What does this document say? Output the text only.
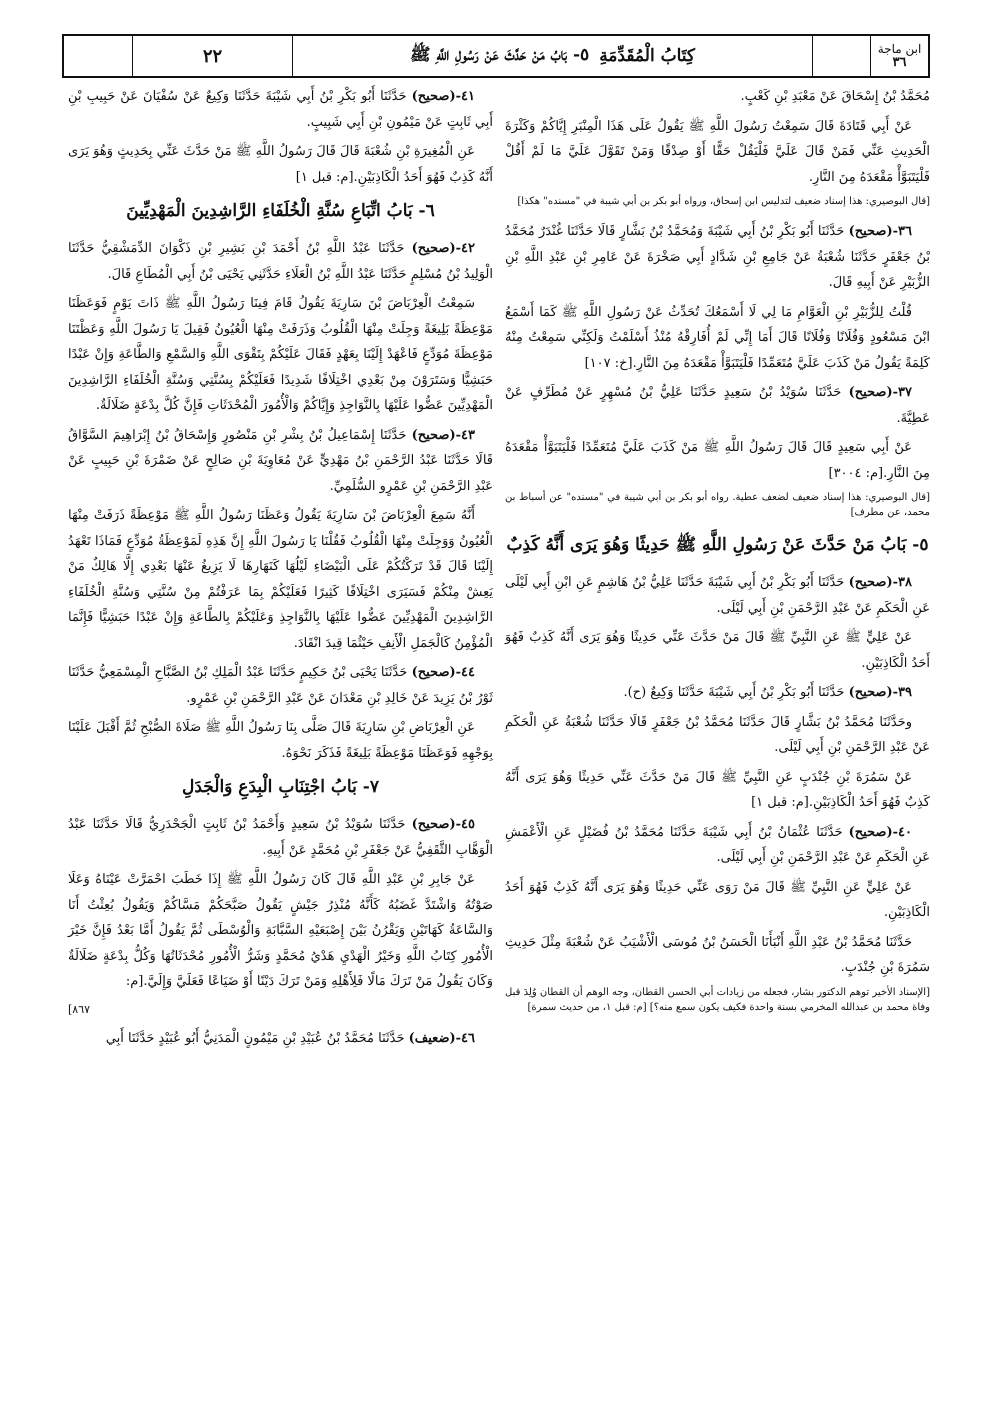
ابن ماجة
٣٦
كِتَابُ الْمُقَدِّمَةِ
٥- بَابُ مَنْ حَدَّثَ عَنْ رَسُولِ اللَّهِ ﷺ
٢٢

مُحَمَّدُ بْنُ إِسْحَاقَ عَنْ مَعْبَدِ بْنِ كَعْبٍ.

عَنْ أَبِي قَتَادَةَ قَالَ سَمِعْتُ رَسُولَ اللَّهِ ﷺ يَقُولُ عَلَى هَذَا الْمِنْبَرِ إِيَّاكُمْ وَكَثْرَةَ الْحَدِيثِ عَنِّي فَمَنْ قَالَ عَلَيَّ فَلْيَقُلْ حَقًّا أَوْ صِدْقًا وَمَنْ تَقَوَّلَ عَلَيَّ مَا لَمْ أَقُلْ فَلْيَتَبَوَّأْ مَقْعَدَهُ مِنَ النَّارِ.

[قال البوصيري: هذا إسناد ضعيف لتدليس ابن إسحاق، ورواه أبو بكر بن أبي شيبة في "مسنده" هكذا]

٣٦-(صحيح) حَدَّثَنَا أَبُو بَكْرِ بْنُ أَبِي شَيْبَةَ وَمُحَمَّدُ بْنُ بَشَّارٍ قَالَا حَدَّثَنَا غُنْدَرٌ مُحَمَّدُ بْنُ جَعْفَرٍ حَدَّثَنَا شُعْبَةُ عَنْ جَامِعِ بْنِ شَدَّادٍ أَبِي صَخْرَةَ عَنْ عَامِرِ بْنِ عَبْدِ اللَّهِ بْنِ الزُّبَيْرِ عَنْ أَبِيهِ قَالَ.

قُلْتُ لِلزُّبَيْرِ بْنِ الْعَوَّامِ مَا لِي لَا أَسْمَعُكَ تُحَدِّثُ عَنْ رَسُولِ اللَّهِ ﷺ كَمَا أَسْمَعُ ابْنَ مَسْعُودٍ وَفُلَانًا وَفُلَانًا قَالَ أَمَا إِنِّي لَمْ أُفَارِقْهُ مُنْذُ أَسْلَمْتُ وَلَكِنِّي سَمِعْتُ مِنْهُ كَلِمَةً يَقُولُ مَنْ كَذَبَ عَلَيَّ مُتَعَمِّدًا فَلْيَتَبَوَّأْ مَقْعَدَهُ مِنَ النَّارِ.[خ: ١٠٧]

٣٧-(صحيح) حَدَّثَنَا سُوَيْدُ بْنُ سَعِيدٍ حَدَّثَنَا عَلِيُّ بْنُ مُسْهِرٍ عَنْ مُطَرِّفٍ عَنْ عَطِيَّةَ.

عَنْ أَبِي سَعِيدٍ قَالَ قَالَ رَسُولُ اللَّهِ ﷺ مَنْ كَذَبَ عَلَيَّ مُتَعَمِّدًا فَلْيَتَبَوَّأْ مَقْعَدَهُ مِنَ النَّارِ.[م: ٣٠٠٤]

[قال البوصيري: هذا إسناد ضعيف لضعف عطية. رواه أبو بكر بن أبي شيبة في "مسنده" عن أسباط بن محمد، عن مطرف]

٥- بَابُ مَنْ حَدَّثَ عَنْ رَسُولِ اللَّهِ ﷺ حَدِيثًا وَهُوَ يَرَى أَنَّهُ كَذِبٌ

٣٨-(صحيح) حَدَّثَنَا أَبُو بَكْرِ بْنُ أَبِي شَيْبَةَ حَدَّثَنَا عَلِيُّ بْنُ هَاشِمٍ عَنِ ابْنِ أَبِي لَيْلَى عَنِ الْحَكَمِ عَنْ عَبْدِ الرَّحْمَنِ بْنِ أَبِي لَيْلَى.

عَنْ عَلِيٍّ ﷺ عَنِ النَّبِيِّ ﷺ قَالَ مَنْ حَدَّثَ عَنِّي حَدِيثًا وَهُوَ يَرَى أَنَّهُ كَذِبٌ فَهُوَ أَحَدُ الْكَاذِبَيْنِ.

٣٩-(صحيح) حَدَّثَنَا أَبُو بَكْرِ بْنُ أَبِي شَيْبَةَ حَدَّثَنَا وَكِيعٌ (ح).

وحَدَّثَنَا مُحَمَّدُ بْنُ بَشَّارٍ قَالَ حَدَّثَنَا مُحَمَّدُ بْنُ جَعْفَرٍ قَالَا حَدَّثَنَا شُعْبَةُ عَنِ الْحَكَمِ عَنْ عَبْدِ الرَّحْمَنِ بْنِ أَبِي لَيْلَى.

عَنْ سَمُرَةَ بْنِ جُنْدَبٍ عَنِ النَّبِيِّ ﷺ قَالَ مَنْ حَدَّثَ عَنِّي حَدِيثًا وَهُوَ يَرَى أَنَّهُ كَذِبٌ فَهُوَ أَحَدُ الْكَاذِبَيْنِ.[م: قبل ١]

٤٠-(صحيح) حَدَّثَنَا عُثْمَانُ بْنُ أَبِي شَيْبَةَ حَدَّثَنَا مُحَمَّدُ بْنُ فُضَيْلٍ عَنِ الْأَعْمَشِ عَنِ الْحَكَمِ عَنْ عَبْدِ الرَّحْمَنِ بْنِ أَبِي لَيْلَى.

عَنْ عَلِيٍّ عَنِ النَّبِيِّ ﷺ قَالَ مَنْ رَوَى عَنِّي حَدِيثًا وَهُوَ يَرَى أَنَّهُ كَذِبٌ فَهُوَ أَحَدُ الْكَاذِبَيْنِ.

حَدَّثَنَا مُحَمَّدُ بْنُ عَبْدِ اللَّهِ أَنْبَأَنَا الْحَسَنُ بْنُ مُوسَى الْأَشْيَبُ عَنْ شُعْبَةَ مِثْلَ حَدِيثِ سَمُرَةَ بْنِ جُنْدَبٍ.

[الإسناد الأخير توهم الدكتور بشار، فجعله من زيادات أبي الحسن القطان، وجه الوهم أن القطان وُلِدَ قبل وفاة محمد بن عبدالله المخرمي بسنة واحدة فكيف يكون سمع منه؟] [م: قبل ١، من حديث سمرة]

٤١-(صحيح) حَدَّثَنَا أَبُو بَكْرِ بْنُ أَبِي شَيْبَةَ حَدَّثَنَا وَكِيعٌ عَنْ سُفْيَانَ عَنْ حَبِيبِ بْنِ أَبِي ثَابِتٍ عَنْ مَيْمُونِ بْنِ أَبِي شَبِيبٍ.

عَنِ الْمُغِيرَةِ بْنِ شُعْبَةَ قَالَ قَالَ رَسُولُ اللَّهِ ﷺ مَنْ حَدَّثَ عَنِّي بِحَدِيثٍ وَهُوَ يَرَى أَنَّهُ كَذِبٌ فَهُوَ أَحَدُ الْكَاذِبَيْنِ.[م: قبل ١]

٦- بَابُ اتِّبَاعِ سُنَّةِ الْخُلَفَاءِ الرَّاشِدِينَ الْمَهْدِيِّينَ

٤٢-(صحيح) حَدَّثَنَا عَبْدُ اللَّهِ بْنُ أَحْمَدَ بْنِ بَشِيرِ بْنِ ذَكْوَانَ الدِّمَشْقِيُّ حَدَّثَنَا الْوَلِيدُ بْنُ مُسْلِمٍ حَدَّثَنَا عَبْدُ اللَّهِ بْنُ الْعَلَاءِ حَدَّثَنِي يَحْيَى بْنُ أَبِي الْمُطَاعِ قَالَ.

سَمِعْتُ الْعِرْبَاضَ بْنَ سَارِيَةَ يَقُولُ قَامَ فِينَا رَسُولُ اللَّهِ ﷺ ذَاتَ يَوْمٍ فَوَعَظَنَا مَوْعِظَةً بَلِيغَةً وَجِلَتْ مِنْهَا الْقُلُوبُ وَذَرَفَتْ مِنْهَا الْعُيُونُ فَقِيلَ يَا رَسُولَ اللَّهِ وَعَظْتَنَا مَوْعِظَةَ مُوَدِّعٍ فَاعْهَدْ إِلَيْنَا بِعَهْدٍ فَقَالَ عَلَيْكُمْ بِتَقْوَى اللَّهِ وَالسَّمْعِ وَالطَّاعَةِ وَإِنْ عَبْدًا حَبَشِيًّا وَسَتَرَوْنَ مِنْ بَعْدِي اخْتِلَافًا شَدِيدًا فَعَلَيْكُمْ بِسُنَّتِي وَسُنَّةِ الْخُلَفَاءِ الرَّاشِدِينَ الْمَهْدِيِّينَ عَضُّوا عَلَيْهَا بِالنَّوَاجِذِ وَإِيَّاكُمْ وَالْأُمُورَ الْمُحْدَثَاتِ فَإِنَّ كُلَّ بِدْعَةٍ ضَلَالَةٌ.

٤٣-(صحيح) حَدَّثَنَا إِسْمَاعِيلُ بْنُ بِشْرِ بْنِ مَنْصُورٍ وَإِسْحَاقُ بْنُ إِبْرَاهِيمَ السَّوَّاقُ قَالَا حَدَّثَنَا عَبْدُ الرَّحْمَنِ بْنُ مَهْدِيٍّ عَنْ مُعَاوِيَةَ بْنِ صَالِحٍ عَنْ ضَمْرَةَ بْنِ حَبِيبٍ عَنْ عَبْدِ الرَّحْمَنِ بْنِ عَمْرٍو السُّلَمِيِّ.

أَنَّهُ سَمِعَ الْعِرْبَاضَ بْنَ سَارِيَةَ يَقُولُ وَعَظَنَا رَسُولُ اللَّهِ ﷺ مَوْعِظَةً ذَرَفَتْ مِنْهَا الْعُيُونُ وَوَجِلَتْ مِنْهَا الْقُلُوبُ فَقُلْنَا يَا رَسُولَ اللَّهِ إِنَّ هَذِهِ لَمَوْعِظَةُ مُوَدِّعٍ فَمَاذَا تَعْهَدُ إِلَيْنَا قَالَ قَدْ تَرَكْتُكُمْ عَلَى الْبَيْضَاءِ لَيْلُهَا كَنَهَارِهَا لَا يَزِيغُ عَنْهَا بَعْدِي إِلَّا هَالِكٌ مَنْ يَعِشْ مِنْكُمْ فَسَيَرَى اخْتِلَافًا كَثِيرًا فَعَلَيْكُمْ بِمَا عَرَفْتُمْ مِنْ سُنَّتِي وَسُنَّةِ الْخُلَفَاءِ الرَّاشِدِينَ الْمَهْدِيِّينَ عَضُّوا عَلَيْهَا بِالنَّوَاجِذِ وَعَلَيْكُمْ بِالطَّاعَةِ وَإِنْ عَبْدًا حَبَشِيًّا فَإِنَّمَا الْمُؤْمِنُ كَالْجَمَلِ الْأَنِفِ حَيْثُمَا قِيدَ انْقَادَ.

٤٤-(صحيح) حَدَّثَنَا يَحْيَى بْنُ حَكِيمٍ حَدَّثَنَا عَبْدُ الْمَلِكِ بْنُ الصَّبَّاحِ الْمِسْمَعِيُّ حَدَّثَنَا ثَوْرُ بْنُ يَزِيدَ عَنْ خَالِدِ بْنِ مَعْدَانَ عَنْ عَبْدِ الرَّحْمَنِ بْنِ عَمْرٍو.

عَنِ الْعِرْبَاضِ بْنِ سَارِيَةَ قَالَ صَلَّى بِنَا رَسُولُ اللَّهِ ﷺ صَلَاةَ الصُّبْحِ ثُمَّ أَقْبَلَ عَلَيْنَا بِوَجْهِهِ فَوَعَظَنَا مَوْعِظَةً بَلِيغَةً فَذَكَرَ نَحْوَهُ.

٧- بَابُ اجْتِنَابِ الْبِدَعِ وَالْجَدَلِ

٤٥-(صحيح) حَدَّثَنَا سُوَيْدُ بْنُ سَعِيدٍ وَأَحْمَدُ بْنُ ثَابِتٍ الْجَحْدَرِيُّ قَالَا حَدَّثَنَا عَبْدُ الْوَهَّابِ الثَّقَفِيُّ عَنْ جَعْفَرِ بْنِ مُحَمَّدٍ عَنْ أَبِيهِ.

عَنْ جَابِرِ بْنِ عَبْدِ اللَّهِ قَالَ كَانَ رَسُولُ اللَّهِ ﷺ إِذَا خَطَبَ احْمَرَّتْ عَيْنَاهُ وَعَلَا صَوْتُهُ وَاشْتَدَّ غَضَبُهُ كَأَنَّهُ مُنْذِرُ جَيْشٍ يَقُولُ صَبَّحَكُمْ مَسَّاكُمْ وَيَقُولُ بُعِثْتُ أَنَا وَالسَّاعَةُ كَهَاتَيْنِ وَيَقْرُنُ بَيْنَ إِصْبَعَيْهِ السَّبَّابَةِ وَالْوُسْطَى ثُمَّ يَقُولُ أَمَّا بَعْدُ فَإِنَّ خَيْرَ الْأُمُورِ كِتَابُ اللَّهِ وَخَيْرُ الْهَدْيِ هَدْيُ مُحَمَّدٍ وَشَرُّ الْأُمُورِ مُحْدَثَاتُهَا وَكُلُّ بِدْعَةٍ ضَلَالَةٌ وَكَانَ يَقُولُ مَنْ تَرَكَ مَالًا فَلِأَهْلِهِ وَمَنْ تَرَكَ دَيْنًا أَوْ ضَيَاعًا فَعَلَيَّ وَإِلَيَّ.[م:

٨٦٧]

٤٦-(ضعيف) حَدَّثَنَا مُحَمَّدُ بْنُ عُبَيْدِ بْنِ مَيْمُونٍ الْمَدَنِيُّ أَبُو عُبَيْدٍ حَدَّثَنَا أَبِي
